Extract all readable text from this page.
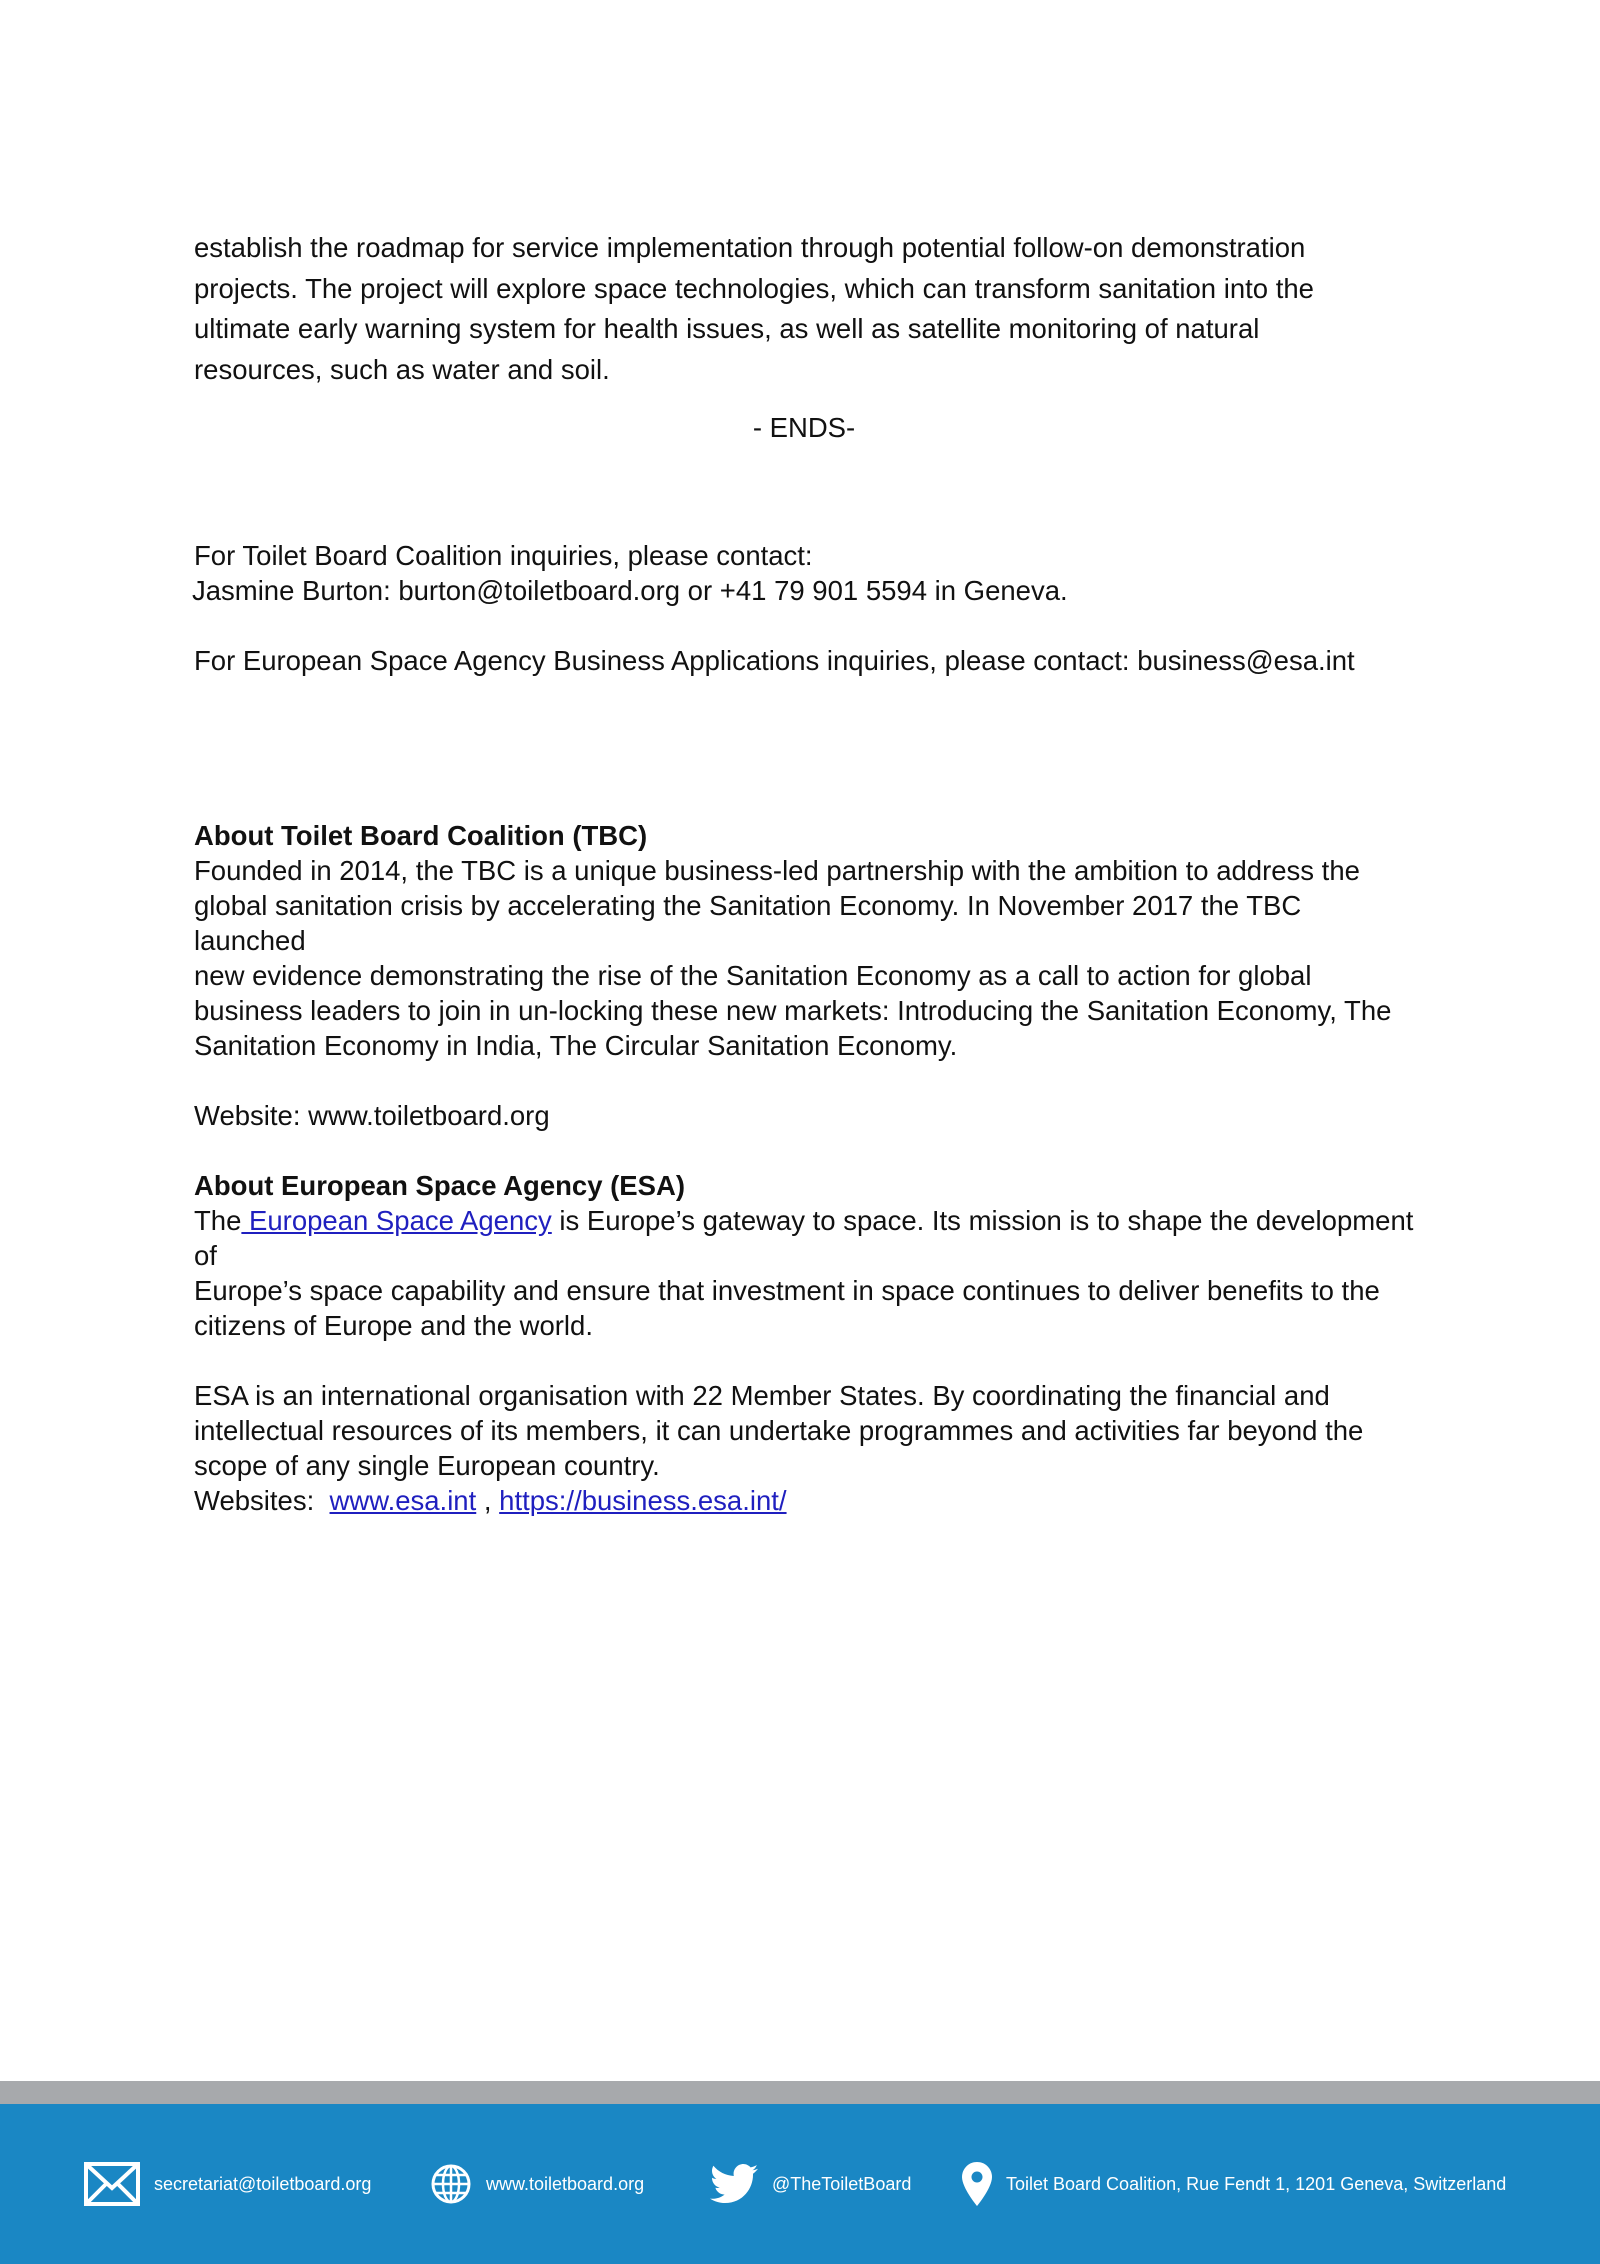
establish the roadmap for service implementation through potential follow-on demonstration

projects. The project will explore space technologies, which can transform sanitation into the

ultimate early warning system for health issues, as well as satellite monitoring of natural

resources, such as water and soil.

- ENDS-

For Toilet Board Coalition inquiries, please contact:

Jasmine Burton: burton@toiletboard.org or +41 79 901 5594 in Geneva.

For European Space Agency Business Applications inquiries, please contact: business@esa.int

About Toilet Board Coalition (TBC)

Founded in 2014, the TBC is a unique business-led partnership with the ambition to address the

global sanitation crisis by accelerating the Sanitation Economy. In November 2017 the TBC launched

new evidence demonstrating the rise of the Sanitation Economy as a call to action for global

business leaders to join in un-locking these new markets: Introducing the Sanitation Economy, The

Sanitation Economy in India, The Circular Sanitation Economy.

Website: www.toiletboard.org

About European Space Agency (ESA)

The European Space Agency is Europe’s gateway to space. Its mission is to shape the development of

Europe’s space capability and ensure that investment in space continues to deliver benefits to the

citizens of Europe and the world.

ESA is an international organisation with 22 Member States. By coordinating the financial and

intellectual resources of its members, it can undertake programmes and activities far beyond the

scope of any single European country.

Websites:  www.esa.int , https://business.esa.int/

secretariat@toiletboard.org	www.toiletboard.org	@TheToiletBoard	Toilet Board Coalition, Rue Fendt 1, 1201 Geneva, Switzerland
